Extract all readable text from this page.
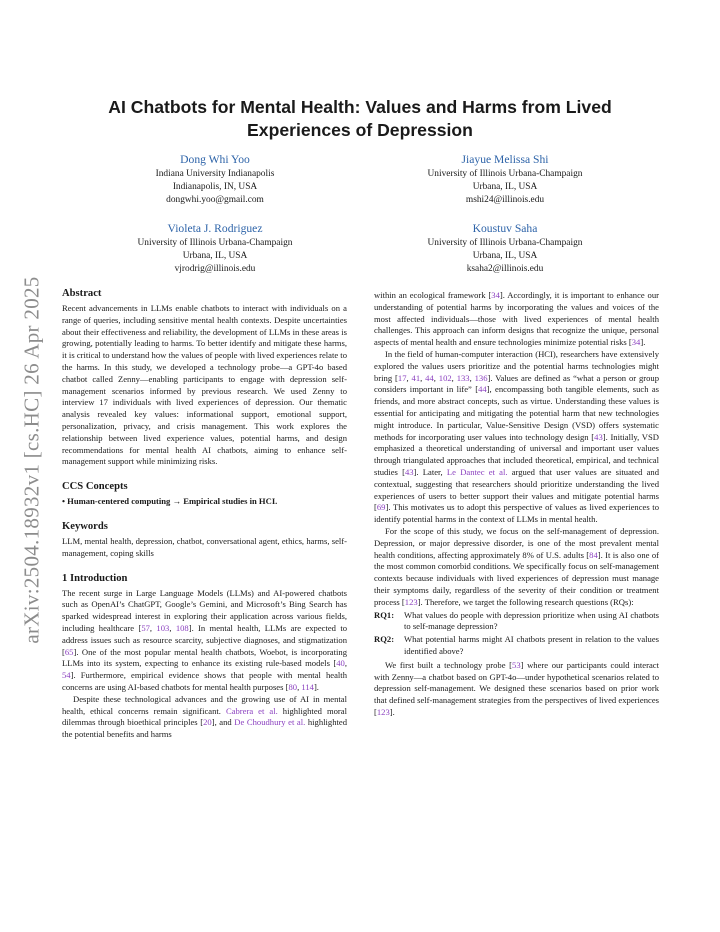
arXiv:2504.18932v1 [cs.HC] 26 Apr 2025
AI Chatbots for Mental Health: Values and Harms from Lived Experiences of Depression
Dong Whi Yoo
Indiana University Indianapolis
Indianapolis, IN, USA
dongwhi.yoo@gmail.com
Jiayue Melissa Shi
University of Illinois Urbana-Champaign
Urbana, IL, USA
mshi24@illinois.edu
Violeta J. Rodriguez
University of Illinois Urbana-Champaign
Urbana, IL, USA
vjrodrig@illinois.edu
Koustuv Saha
University of Illinois Urbana-Champaign
Urbana, IL, USA
ksaha2@illinois.edu
Abstract

Recent advancements in LLMs enable chatbots to interact with individuals on a range of queries, including sensitive mental health contexts. Despite uncertainties about their effectiveness and reliability, the development of LLMs in these areas is growing, potentially leading to harms. To better identify and mitigate these harms, it is critical to understand how the values of people with lived experiences relate to the harms. In this study, we developed a technology probe—a GPT-4o based chatbot called Zenny—enabling participants to engage with depression self-management scenarios informed by previous research. We used Zenny to interview 17 individuals with lived experiences of depression. Our thematic analysis revealed key values: informational support, emotional support, personalization, privacy, and crisis management. This work explores the relationship between lived experience values, potential harms, and design recommendations for mental health AI chatbots, aiming to enhance self-management support while minimizing risks.

CCS Concepts

• Human-centered computing → Empirical studies in HCI.

Keywords

LLM, mental health, depression, chatbot, conversational agent, ethics, harms, self-management, coping skills

1 Introduction

The recent surge in Large Language Models (LLMs) and AI-powered chatbots such as OpenAI’s ChatGPT, Google’s Gemini, and Microsoft’s Bing Search has sparked widespread interest in exploring their application across various fields, including healthcare [57, 103, 108]. In mental health, LLMs are expected to address issues such as resource scarcity, subjective diagnoses, and stigmatization [65]. One of the most popular mental health chatbots, Woebot, is incorporating LLMs into its system, expecting to enhance its existing rule-based models [40, 54]. Furthermore, empirical evidence shows that people with mental health concerns are using AI-based chatbots for mental health purposes [80, 114].

Despite these technological advances and the growing use of AI in mental health, ethical concerns remain significant. Cabrera et al. highlighted moral dilemmas through bioethical principles [20], and De Choudhury et al. highlighted the potential benefits and harms

within an ecological framework [34]. Accordingly, it is important to enhance our understanding of potential harms by incorporating the values and voices of the most affected individuals—those with lived experiences of mental health challenges. This approach can inform designs that recognize the unique, personal aspects of mental health and ensure technologies minimize potential risks [34].

In the field of human-computer interaction (HCI), researchers have extensively explored the values users prioritize and the potential harms technologies might bring [17, 41, 44, 102, 133, 136]. Values are defined as “what a person or group considers important in life” [44], encompassing both tangible elements, such as friends, and more abstract concepts, such as virtue. Understanding these values is essential for anticipating and mitigating the potential harm that new technologies might introduce. In particular, Value-Sensitive Design (VSD) offers systematic methods for incorporating user values into technology design [43]. Initially, VSD emphasized a theoretical understanding of universal and important user values through triangulated approaches that included theoretical, empirical, and technical studies [43]. Later, Le Dantec et al. argued that user values are situated and contextual, suggesting that researchers should prioritize understanding the lived experiences of users to better support their values and mitigate potential harms [69]. This motivates us to adopt this perspective of values as lived experiences to identify potential harms in the context of LLMs in mental health.

For the scope of this study, we focus on the self-management of depression. Depression, or major depressive disorder, is one of the most prevalent mental health conditions, affecting approximately 8% of U.S. adults [84]. It is also one of the most common comorbid conditions. We specifically focus on self-management contexts because individuals with lived experiences of depression must manage their symptoms daily, regardless of the severity of their condition or treatment process [123]. Therefore, we target the following research questions (RQs):

RQ1:	What values do people with depression prioritize when using AI chatbots to self-manage depression?
RQ2:	What potential harms might AI chatbots present in relation to the values identified above?

We first built a technology probe [53] where our participants could interact with Zenny—a chatbot based on GPT-4o—under hypothetical scenarios related to depression self-management. We designed these scenarios based on prior work that defined self-management strategies from the perspectives of lived experiences [123].
